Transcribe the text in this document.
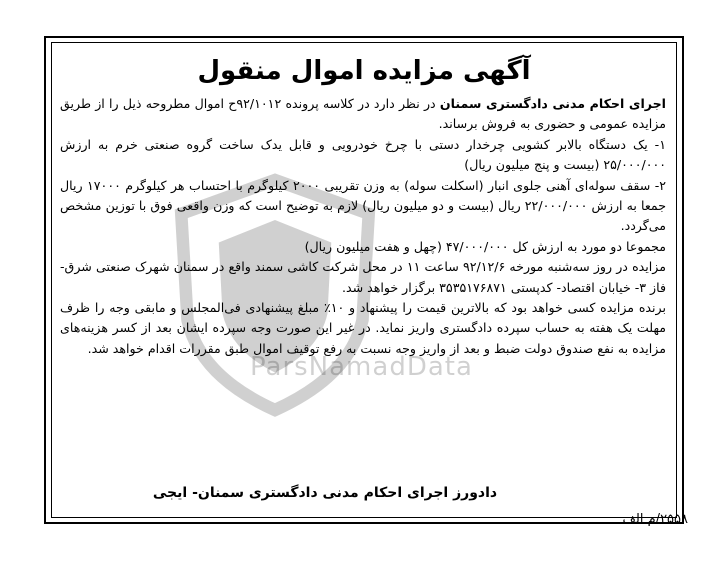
ParsNamadData
آگهی مزایده اموال منقول

اجرای احکام مدنی دادگستری سمنان در نظر دارد در کلاسه پرونده ۹۲/۱۰۱۲ح اموال مطروحه ذیل را از طریق مزایده عمومی و حضوری به فروش برساند.

۱- یک دستگاه بالابر کشویی چرخدار دستی با چرخ خودرویی و قابل یدک ساخت گروه صنعتی خرم به ارزش ۲۵/۰۰۰/۰۰۰ (بیست و پنج میلیون ریال)

۲- سقف سوله‌ای آهنی جلوی انبار (اسکلت سوله) به وزن تقریبی ۲۰۰۰ کیلوگرم با احتساب هر کیلوگرم ۱۷۰۰۰ ریال جمعا به ارزش ۲۲/۰۰۰/۰۰۰ ریال (بیست و دو میلیون ریال) لازم به توضیح است که وزن واقعی فوق با توزین مشخص می‌گردد.

مجموعا دو مورد به ارزش کل ۴۷/۰۰۰/۰۰۰ (چهل و هفت میلیون ریال)

مزایده در روز سه‌شنبه مورخه ۹۲/۱۲/۶ ساعت ۱۱ در محل شرکت کاشی سمند واقع در سمنان شهرک صنعتی شرق- فاز ۳- خیابان اقتصاد- کدپستی ۳۵۳۵۱۷۶۸۷۱ برگزار خواهد شد.

برنده مزایده کسی خواهد بود که بالاترین قیمت را پیشنهاد و ۱۰٪ مبلغ پیشنهادی فی‌المجلس و مابقی وجه را ظرف مهلت یک هفته به حساب سپرده دادگستری واریز نماید. در غیر این صورت وجه سپرده ایشان بعد از کسر هزینه‌های مزایده به نفع صندوق دولت ضبط و بعد از واریز وجه نسبت به رفع توقیف اموال طبق مقررات اقدام خواهد شد.

دادورز اجرای احکام مدنی دادگستری سمنان- ایجی
۲۵۵۸/م الف
